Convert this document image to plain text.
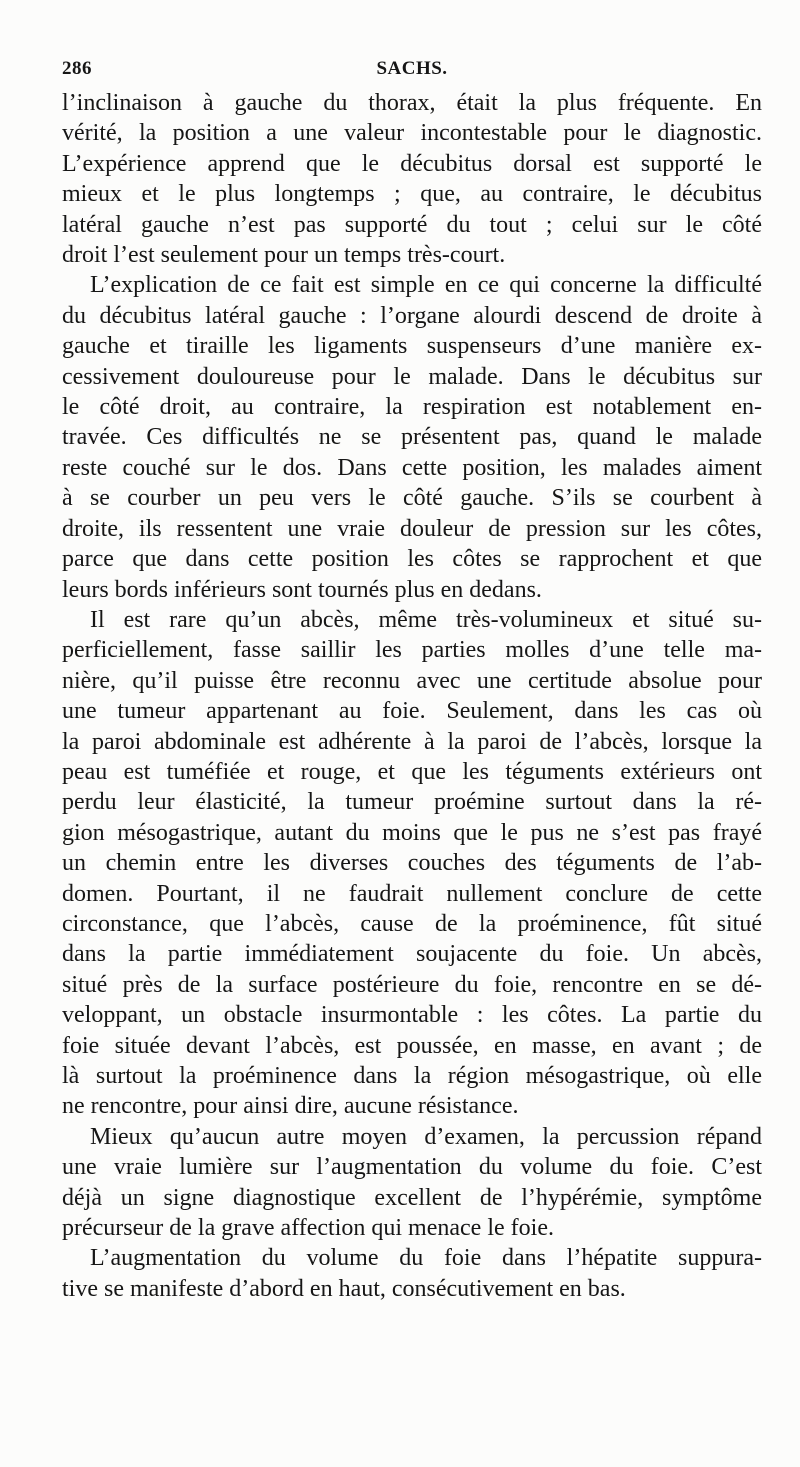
286	SACHS.

l’inclinaison à gauche du thorax, était la plus fréquente. En
vérité, la position a une valeur incontestable pour le diagnostic.
L’expérience apprend que le décubitus dorsal est supporté le
mieux et le plus longtemps ; que, au contraire, le décubitus
latéral gauche n’est pas supporté du tout ; celui sur le côté
droit l’est seulement pour un temps très-court.

L’explication de ce fait est simple en ce qui concerne la difficulté
du décubitus latéral gauche : l’organe alourdi descend de droite à
gauche et tiraille les ligaments suspenseurs d’une manière ex-
cessivement douloureuse pour le malade. Dans le décubitus sur
le côté droit, au contraire, la respiration est notablement en-
travée. Ces difficultés ne se présentent pas, quand le malade
reste couché sur le dos. Dans cette position, les malades aiment
à se courber un peu vers le côté gauche. S’ils se courbent à
droite, ils ressentent une vraie douleur de pression sur les côtes,
parce que dans cette position les côtes se rapprochent et que
leurs bords inférieurs sont tournés plus en dedans.

Il est rare qu’un abcès, même très-volumineux et situé su-
perficiellement, fasse saillir les parties molles d’une telle ma-
nière, qu’il puisse être reconnu avec une certitude absolue pour
une tumeur appartenant au foie. Seulement, dans les cas où
la paroi abdominale est adhérente à la paroi de l’abcès, lorsque la
peau est tuméfiée et rouge, et que les téguments extérieurs ont
perdu leur élasticité, la tumeur proémine surtout dans la ré-
gion mésogastrique, autant du moins que le pus ne s’est pas frayé
un chemin entre les diverses couches des téguments de l’ab-
domen. Pourtant, il ne faudrait nullement conclure de cette
circonstance, que l’abcès, cause de la proéminence, fût situé
dans la partie immédiatement soujacente du foie. Un abcès,
situé près de la surface postérieure du foie, rencontre en se dé-
veloppant, un obstacle insurmontable : les côtes. La partie du
foie située devant l’abcès, est poussée, en masse, en avant ; de
là surtout la proéminence dans la région mésogastrique, où elle
ne rencontre, pour ainsi dire, aucune résistance.

Mieux qu’aucun autre moyen d’examen, la percussion répand
une vraie lumière sur l’augmentation du volume du foie. C’est
déjà un signe diagnostique excellent de l’hypérémie, symptôme
précurseur de la grave affection qui menace le foie.

L’augmentation du volume du foie dans l’hépatite suppura-
tive se manifeste d’abord en haut, consécutivement en bas.
